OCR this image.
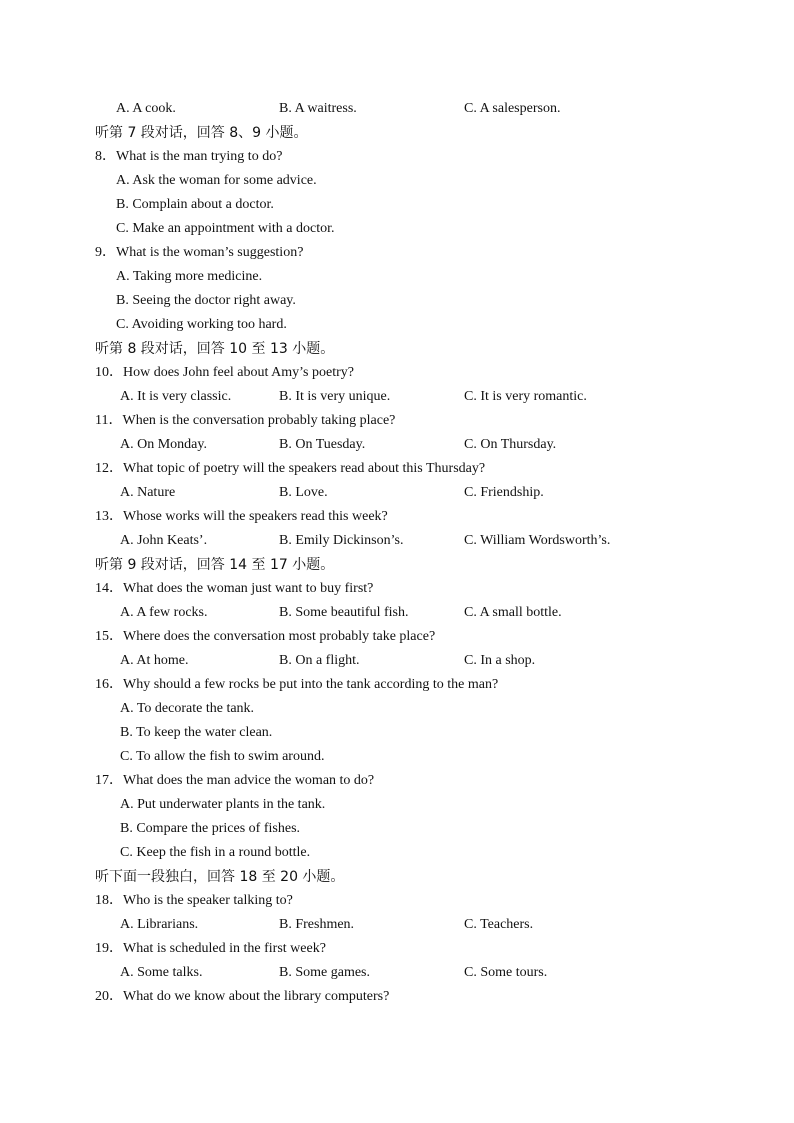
A. A cook.	B. A waitress.	C. A salesperson.
听第 7 段对话，回答 8、9 小题。
8．What is the man trying to do?
A. Ask the woman for some advice.
B. Complain about a doctor.
C. Make an appointment with a doctor.
9．What is the woman’s suggestion?
A. Taking more medicine.
B. Seeing the doctor right away.
C. Avoiding working too hard.
听第 8 段对话，回答 10 至 13 小题。
10．How does John feel about Amy’s poetry?
A. It is very classic.	B. It is very unique.	C. It is very romantic.
11．When is the conversation probably taking place?
A. On Monday.	B. On Tuesday.	C. On Thursday.
12．What topic of poetry will the speakers read about this Thursday?
A. Nature	B. Love.	C. Friendship.
13．Whose works will the speakers read this week?
A. John Keats’.	B. Emily Dickinson’s.	C. William Wordsworth’s.
听第 9 段对话，回答 14 至 17 小题。
14．What does the woman just want to buy first?
A. A few rocks.	B. Some beautiful fish.	C. A small bottle.
15．Where does the conversation most probably take place?
A. At home.	B. On a flight.	C. In a shop.
16．Why should a few rocks be put into the tank according to the man?
A. To decorate the tank.
B. To keep the water clean.
C. To allow the fish to swim around.
17．What does the man advice the woman to do?
A. Put underwater plants in the tank.
B. Compare the prices of fishes.
C. Keep the fish in a round bottle.
听下面一段独白，回答 18 至 20 小题。
18．Who is the speaker talking to?
A. Librarians.	B. Freshmen.	C. Teachers.
19．What is scheduled in the first week?
A. Some talks.	B. Some games.	C. Some tours.
20．What do we know about the library computers?
